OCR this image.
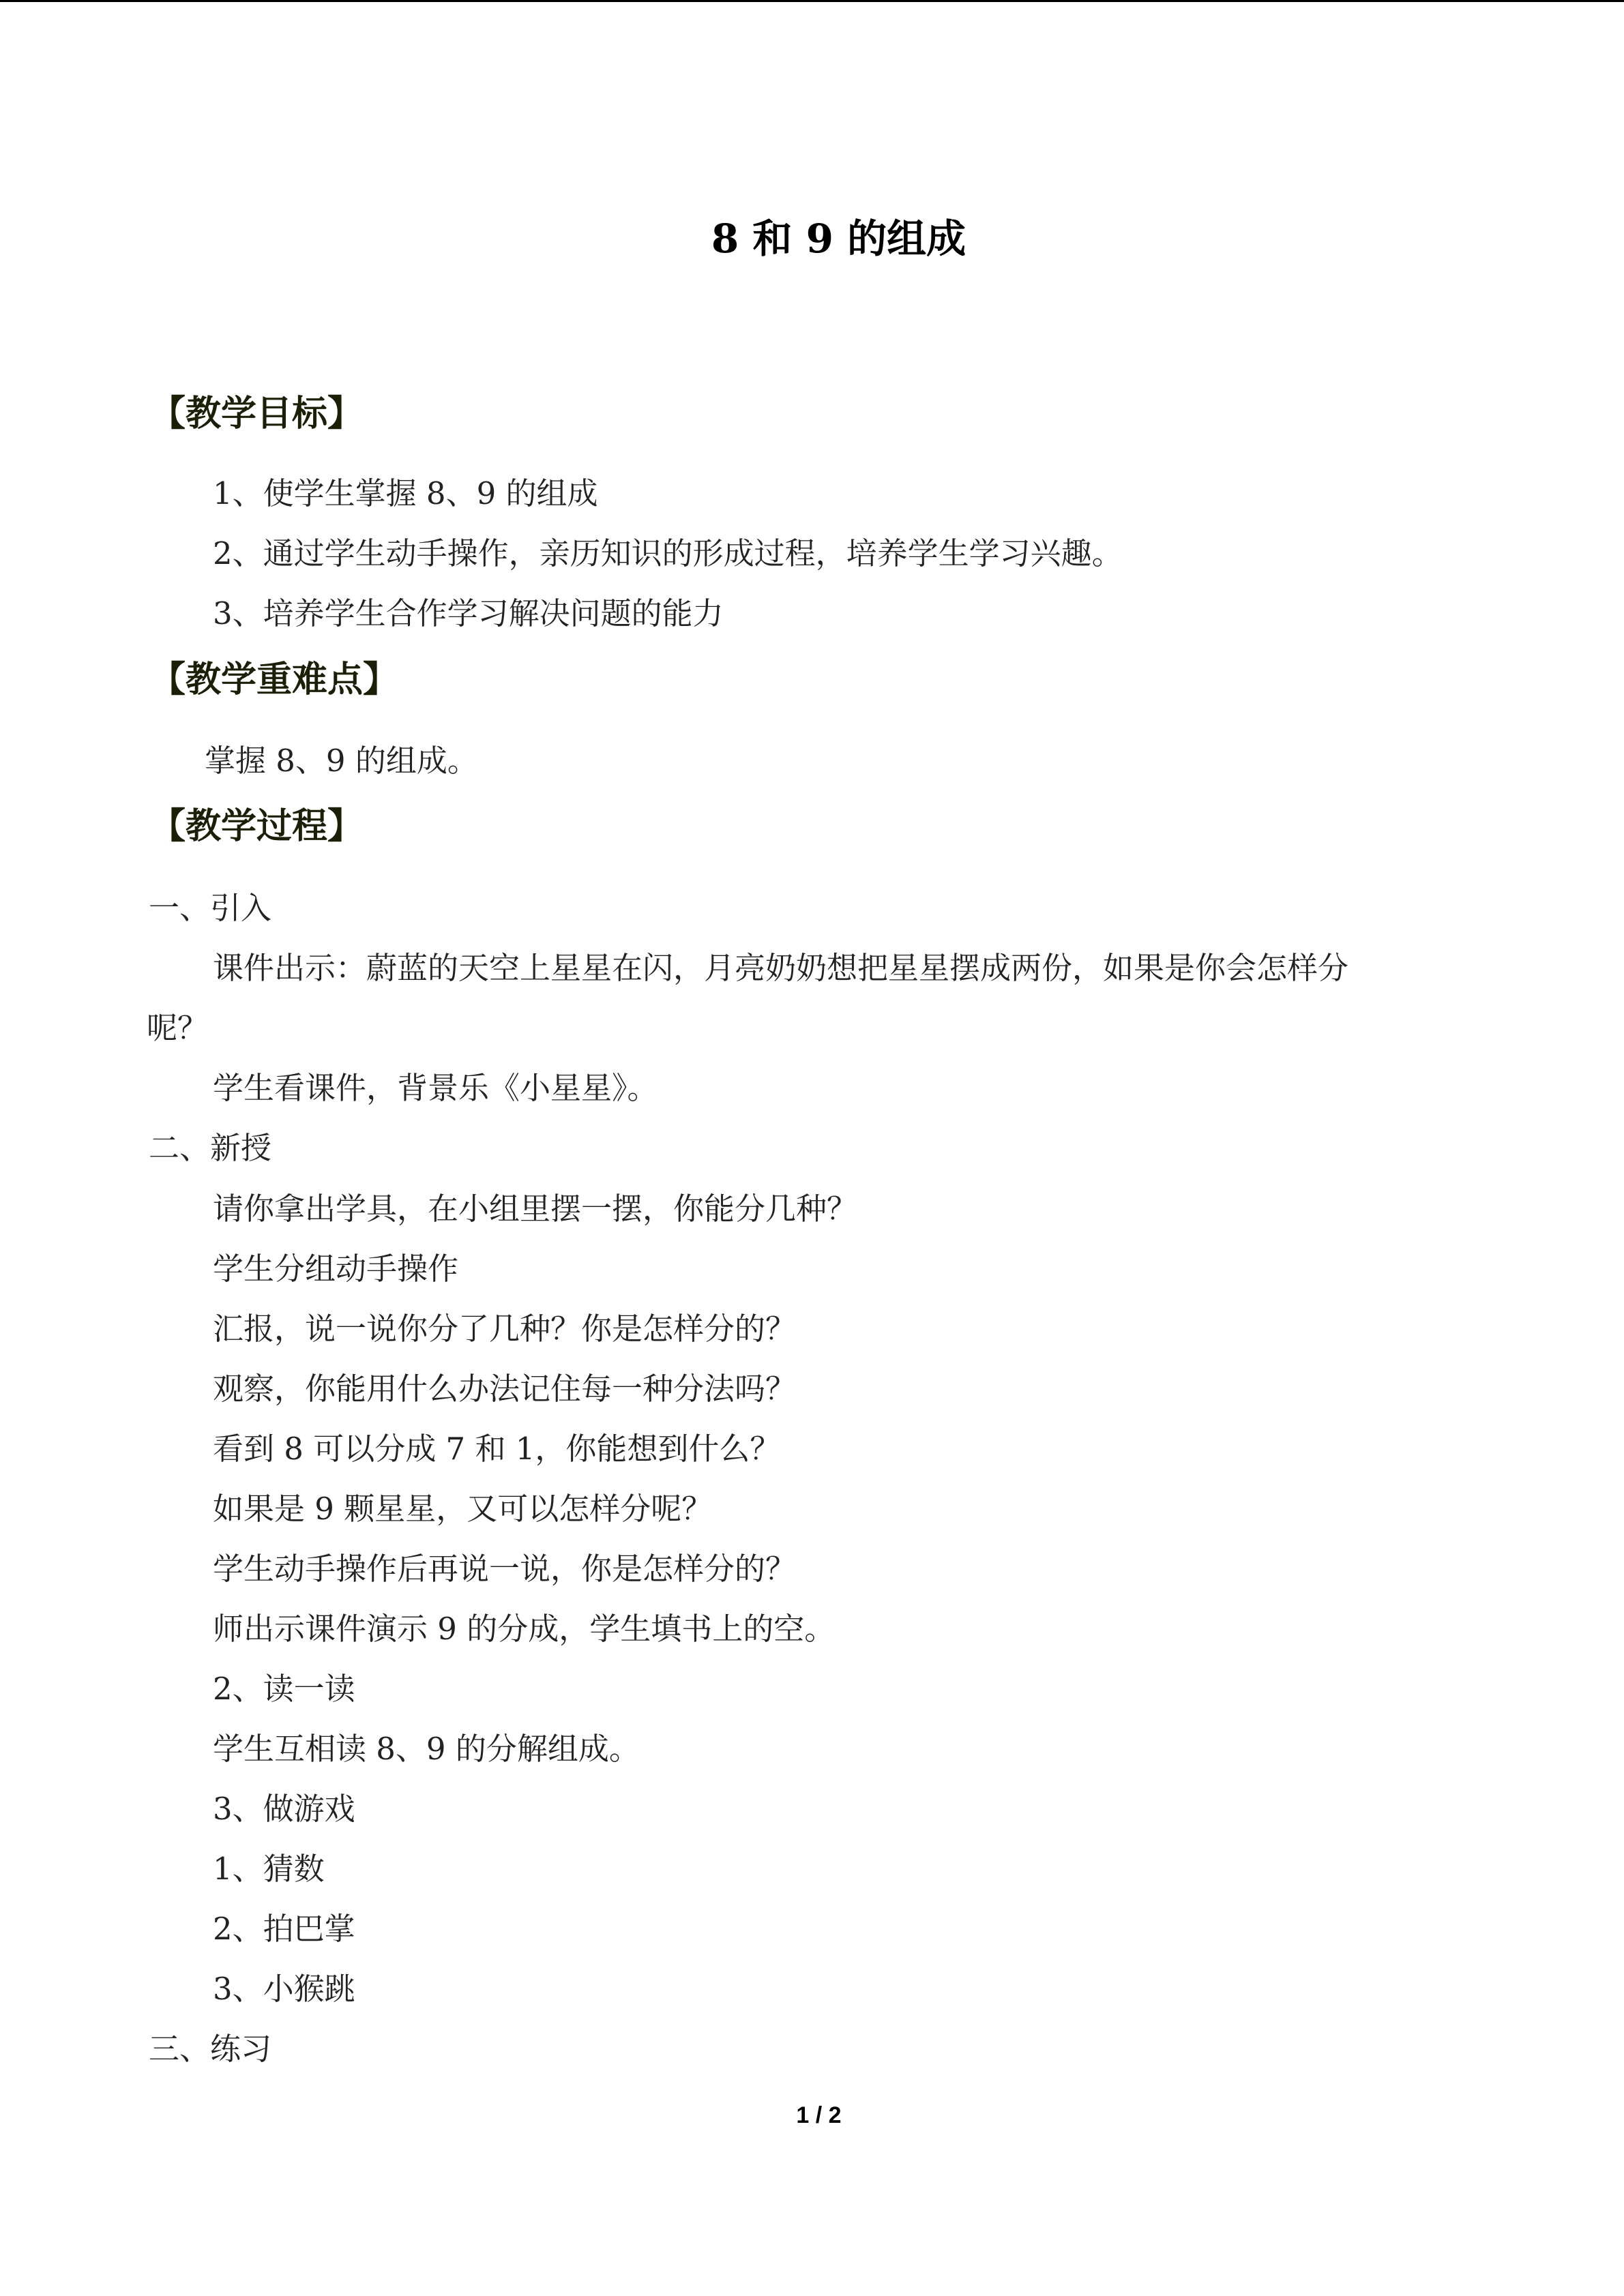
8 和 9 的组成
【教学目标】
1、使学生掌握 8、9 的组成
2、通过学生动手操作，亲历知识的形成过程，培养学生学习兴趣。
3、培养学生合作学习解决问题的能力
【教学重难点】
掌握 8、9 的组成。
【教学过程】
一、引入
课件出示：蔚蓝的天空上星星在闪，月亮奶奶想把星星摆成两份，如果是你会怎样分
呢？
学生看课件，背景乐《小星星》。
二、新授
请你拿出学具，在小组里摆一摆，你能分几种？
学生分组动手操作
汇报，说一说你分了几种？你是怎样分的？
观察，你能用什么办法记住每一种分法吗？
看到 8 可以分成 7 和 1，你能想到什么？
如果是 9 颗星星，又可以怎样分呢？
学生动手操作后再说一说，你是怎样分的？
师出示课件演示 9 的分成，学生填书上的空。
2、读一读
学生互相读 8、9 的分解组成。
3、做游戏
1、猜数
2、拍巴掌
3、小猴跳
三、练习
1 / 2
